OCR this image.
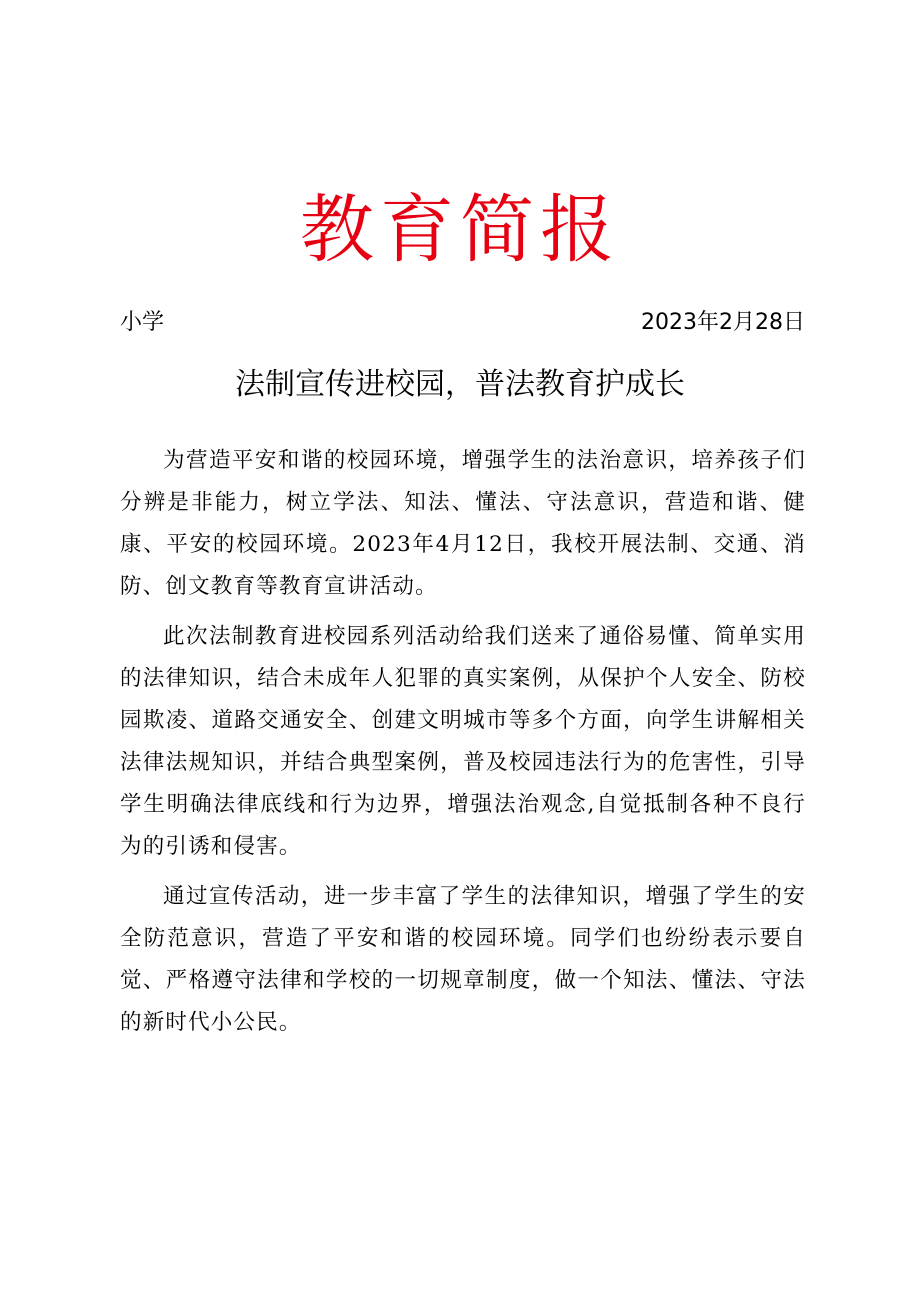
教育简报
小学	2023年2月28日
法制宣传进校园，普法教育护成长

为营造平安和谐的校园环境，增强学生的法治意识，培养孩子们分辨是非能力，树立学法、知法、懂法、守法意识，营造和谐、健康、平安的校园环境。2023年4月12日，我校开展法制、交通、消防、创文教育等教育宣讲活动。

此次法制教育进校园系列活动给我们送来了通俗易懂、简单实用的法律知识，结合未成年人犯罪的真实案例，从保护个人安全、防校园欺凌、道路交通安全、创建文明城市等多个方面，向学生讲解相关法律法规知识，并结合典型案例，普及校园违法行为的危害性，引导学生明确法律底线和行为边界，增强法治观念,自觉抵制各种不良行为的引诱和侵害。

通过宣传活动，进一步丰富了学生的法律知识，增强了学生的安全防范意识，营造了平安和谐的校园环境。同学们也纷纷表示要自觉、严格遵守法律和学校的一切规章制度，做一个知法、懂法、守法的新时代小公民。
